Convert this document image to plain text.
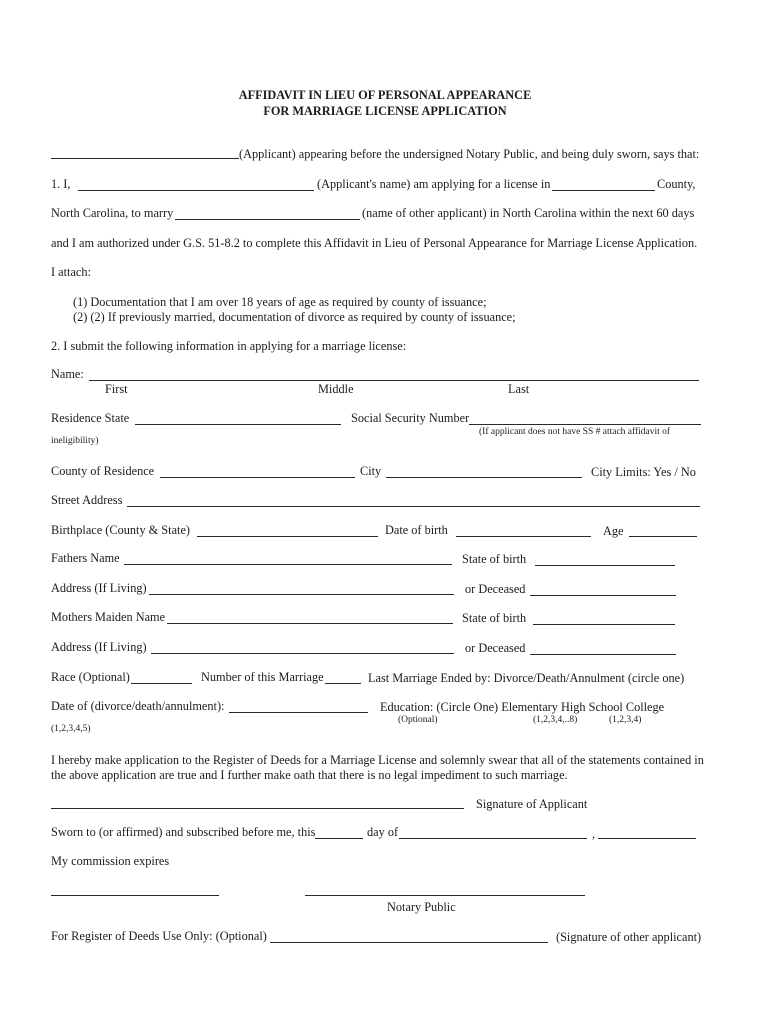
AFFIDAVIT IN LIEU OF PERSONAL APPEARANCE
FOR MARRIAGE LICENSE APPLICATION
(Applicant) appearing before the undersigned Notary Public, and being duly sworn, says that:
1. I,	(Applicant's name) am applying for a license in	County,
North Carolina, to marry	(name of other applicant) in North Carolina within the next 60 days
and I am authorized under G.S. 51-8.2 to complete this Affidavit in Lieu of Personal Appearance for Marriage License Application.
I attach:
(1) Documentation that I am over 18 years of age as required by county of issuance;
(2) (2) If previously married, documentation of divorce as required by county of issuance;
2. I submit the following information in applying for a marriage license:
Name:
First	Middle	Last
Residence State	Social Security Number
(If applicant does not have SS # attach affidavit of
ineligibility)
County of Residence	City	City Limits: Yes / No
Street Address
Birthplace (County & State)	Date of birth	Age
Fathers Name	State of birth
Address (If Living)	or Deceased
Mothers Maiden Name	State of birth
Address (If Living)	or Deceased
Race (Optional)	Number of this Marriage	Last Marriage Ended by: Divorce/Death/Annulment (circle one)
Date of (divorce/death/annulment):	Education: (Circle One) Elementary High School College
(Optional)	(1,2,3,4,..8)	(1,2,3,4)
(1,2,3,4,5)
I hereby make application to the Register of Deeds for a Marriage License and solemnly swear that all of the statements contained in
the above application are true and I further make oath that there is no legal impediment to such marriage.
Signature of Applicant
Sworn to (or affirmed) and subscribed before me, this	day of	,
My commission expires
Notary Public
For Register of Deeds Use Only: (Optional)	(Signature of other applicant)
